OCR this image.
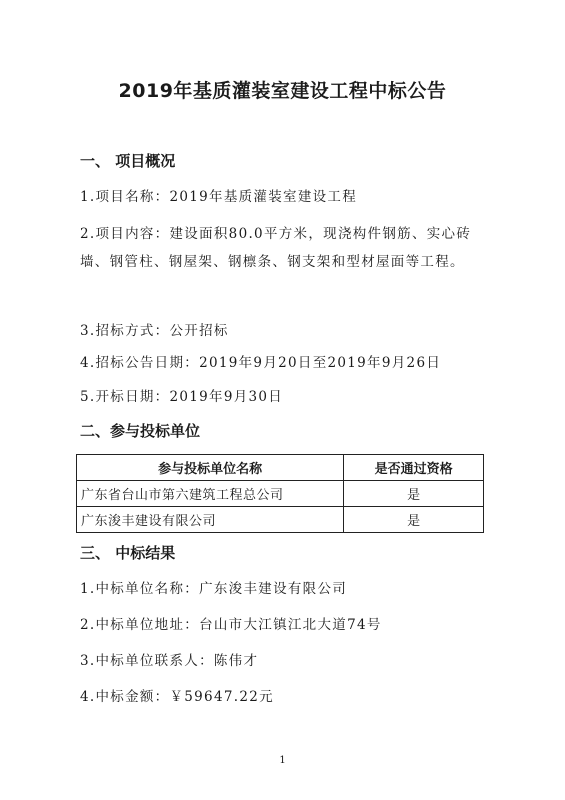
2019年基质灌装室建设工程中标公告
一、 项目概况
1.项目名称：2019年基质灌装室建设工程
2.项目内容：建设面积80.0平方米，现浇构件钢筋、实心砖墙、钢管柱、钢屋架、钢檩条、钢支架和型材屋面等工程。
3.招标方式：公开招标
4.招标公告日期：2019年9月20日至2019年9月26日
5.开标日期：2019年9月30日
二、参与投标单位
参与投标单位名称	是否通过资格
广东省台山市第六建筑工程总公司	是
广东浚丰建设有限公司	是
三、 中标结果
1.中标单位名称：广东浚丰建设有限公司
2.中标单位地址：台山市大江镇江北大道74号
3.中标单位联系人：陈伟才
4.中标金额：￥59647.22元
1
